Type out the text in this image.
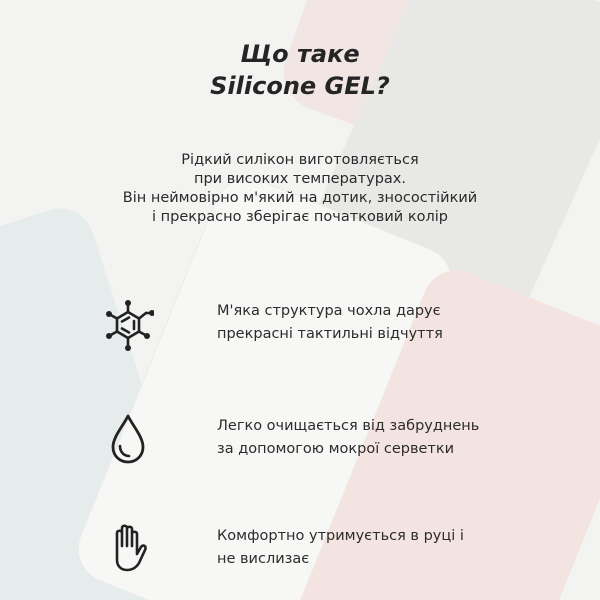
Що таке
Silicone GEL?
Рідкий силікон виготовляється
при високих температурах.
Він неймовірно м'який на дотик, зносостійкий
і прекрасно зберігає початковий колір
М'яка структура чохла дарує
прекрасні тактильні відчуття
Легко очищається від забруднень
за допомогою мокрої серветки
Комфортно утримується в руці і
не вислизає
